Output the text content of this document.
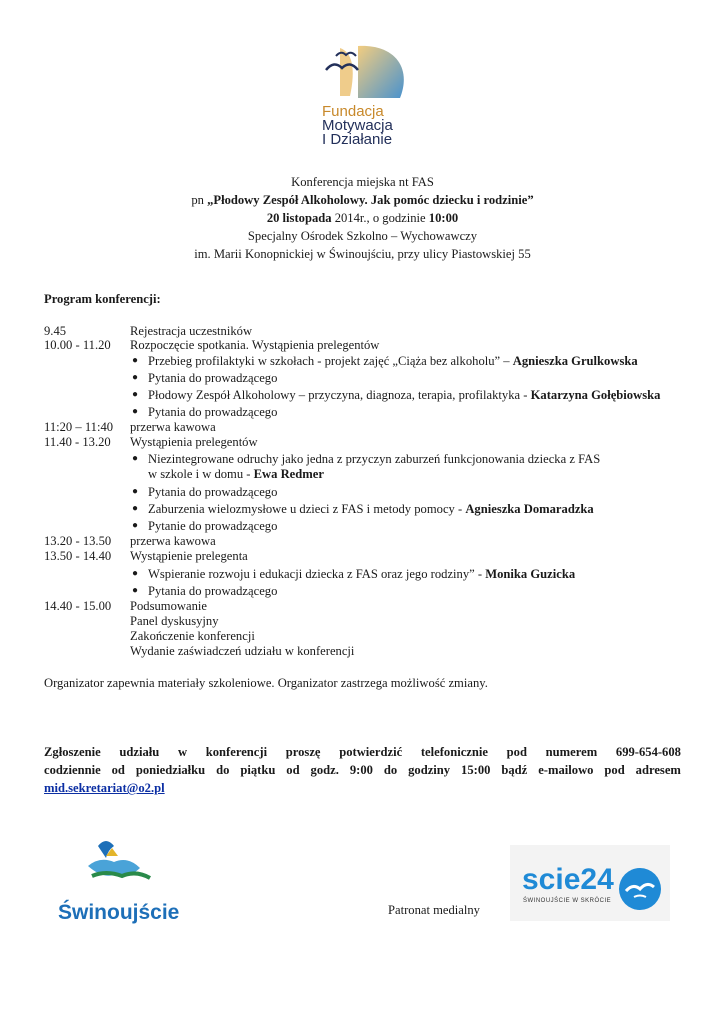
Fundacja
Motywacja
I Działanie
Konferencja miejska nt FAS
pn „Płodowy Zespół Alkoholowy. Jak pomóc dziecku i rodzinie”
20 listopada 2014r., o godzinie 10:00
Specjalny Ośrodek Szkolno – Wychowawczy
im. Marii Konopnickiej w Świnoujściu, przy ulicy Piastowskiej 55
Program konferencji:
9.45	Rejestracja uczestników
10.00 - 11.20 Rozpoczęcie spotkania. Wystąpienia prelegentów
● Przebieg profilaktyki w szkołach - projekt zajęć „Ciąża bez alkoholu” – Agnieszka Grulkowska
● Pytania do prowadzącego
● Płodowy Zespół Alkoholowy – przyczyna, diagnoza, terapia, profilaktyka - Katarzyna Gołębiowska
● Pytania do prowadzącego
11:20 – 11:40 przerwa kawowa
11.40 - 13.20 Wystąpienia prelegentów
● Niezintegrowane odruchy jako jedna z przyczyn zaburzeń funkcjonowania dziecka z FAS
w szkole i w domu - Ewa Redmer
● Pytania do prowadzącego
● Zaburzenia wielozmysłowe u dzieci z FAS i metody pomocy - Agnieszka Domaradzka
● Pytanie do prowadzącego
13.20 - 13.50 przerwa kawowa
13.50 - 14.40 Wystąpienie prelegenta
● Wspieranie rozwoju i edukacji dziecka z FAS oraz jego rodziny” - Monika Guzicka
● Pytania do prowadzącego
14.40 - 15.00 Podsumowanie
Panel dyskusyjny
Zakończenie konferencji
Wydanie zaświadczeń udziału w konferencji
Organizator zapewnia materiały szkoleniowe. Organizator zastrzega możliwość zmiany.
Zgłoszenie udziału w konferencji proszę potwierdzić telefonicznie pod numerem 699-654-608
codziennie od poniedziałku do piątku od godz. 9:00 do godziny 15:00 bądź e-mailowo pod adresem
mid.sekretariat@o2.pl
Świnoujście	Patronat medialny
scie24
ŚWINOUJŚCIE W SKRÓCIE
